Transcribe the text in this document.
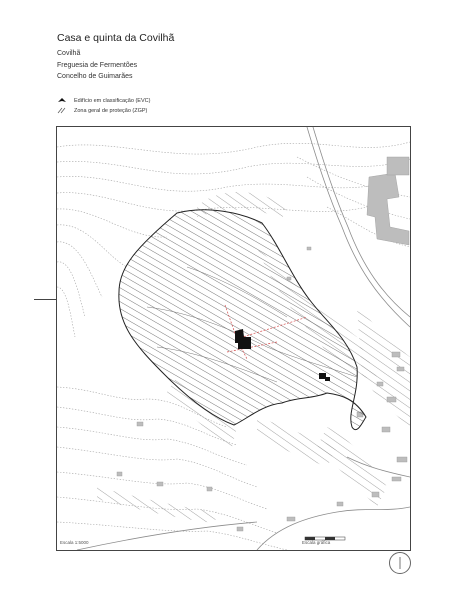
Casa e quinta da Covilhã
Covilhã
Freguesia de Fermentões
Concelho de Guimarães
Edifício em classificação (EVC)
Zona geral de proteção (ZGP)
Escala 1:5000	Escala gráfica
